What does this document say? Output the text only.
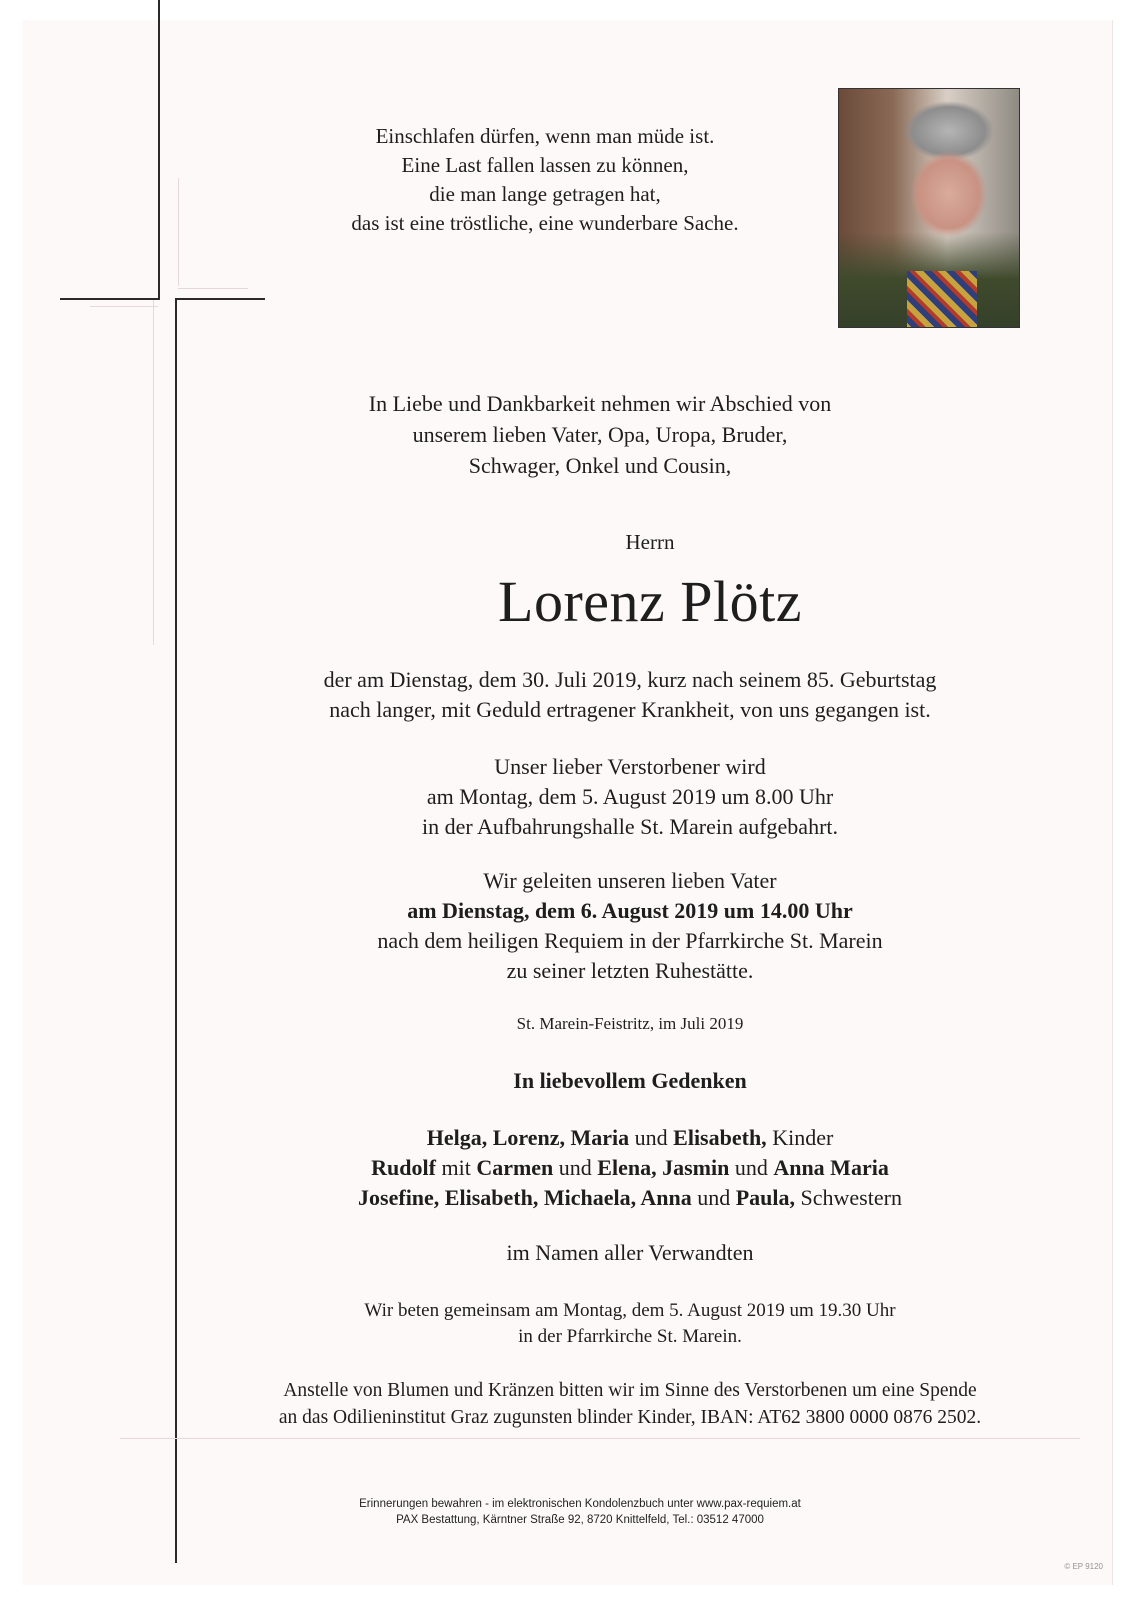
Einschlafen dürfen, wenn man müde ist.
Eine Last fallen lassen zu können,
die man lange getragen hat,
das ist eine tröstliche, eine wunderbare Sache.
In Liebe und Dankbarkeit nehmen wir Abschied von
unserem lieben Vater, Opa, Uropa, Bruder,
Schwager, Onkel und Cousin,
Herrn
Lorenz Plötz
der am Dienstag, dem 30. Juli 2019, kurz nach seinem 85. Geburtstag
nach langer, mit Geduld ertragener Krankheit, von uns gegangen ist.
Unser lieber Verstorbener wird
am Montag, dem 5. August 2019 um 8.00 Uhr
in der Aufbahrungshalle St. Marein aufgebahrt.
Wir geleiten unseren lieben Vater
am Dienstag, dem 6. August 2019 um 14.00 Uhr
nach dem heiligen Requiem in der Pfarrkirche St. Marein
zu seiner letzten Ruhestätte.
St. Marein-Feistritz, im Juli 2019
In liebevollem Gedenken
Helga, Lorenz, Maria und Elisabeth, Kinder
Rudolf mit Carmen und Elena, Jasmin und Anna Maria
Josefine, Elisabeth, Michaela, Anna und Paula, Schwestern
im Namen aller Verwandten
Wir beten gemeinsam am Montag, dem 5. August 2019 um 19.30 Uhr
in der Pfarrkirche St. Marein.
Anstelle von Blumen und Kränzen bitten wir im Sinne des Verstorbenen um eine Spende
an das Odilieninstitut Graz zugunsten blinder Kinder, IBAN: AT62 3800 0000 0876 2502.
Erinnerungen bewahren - im elektronischen Kondolenzbuch unter www.pax-requiem.at
PAX Bestattung, Kärntner Straße 92, 8720 Knittelfeld, Tel.: 03512 47000
© EP 9120
